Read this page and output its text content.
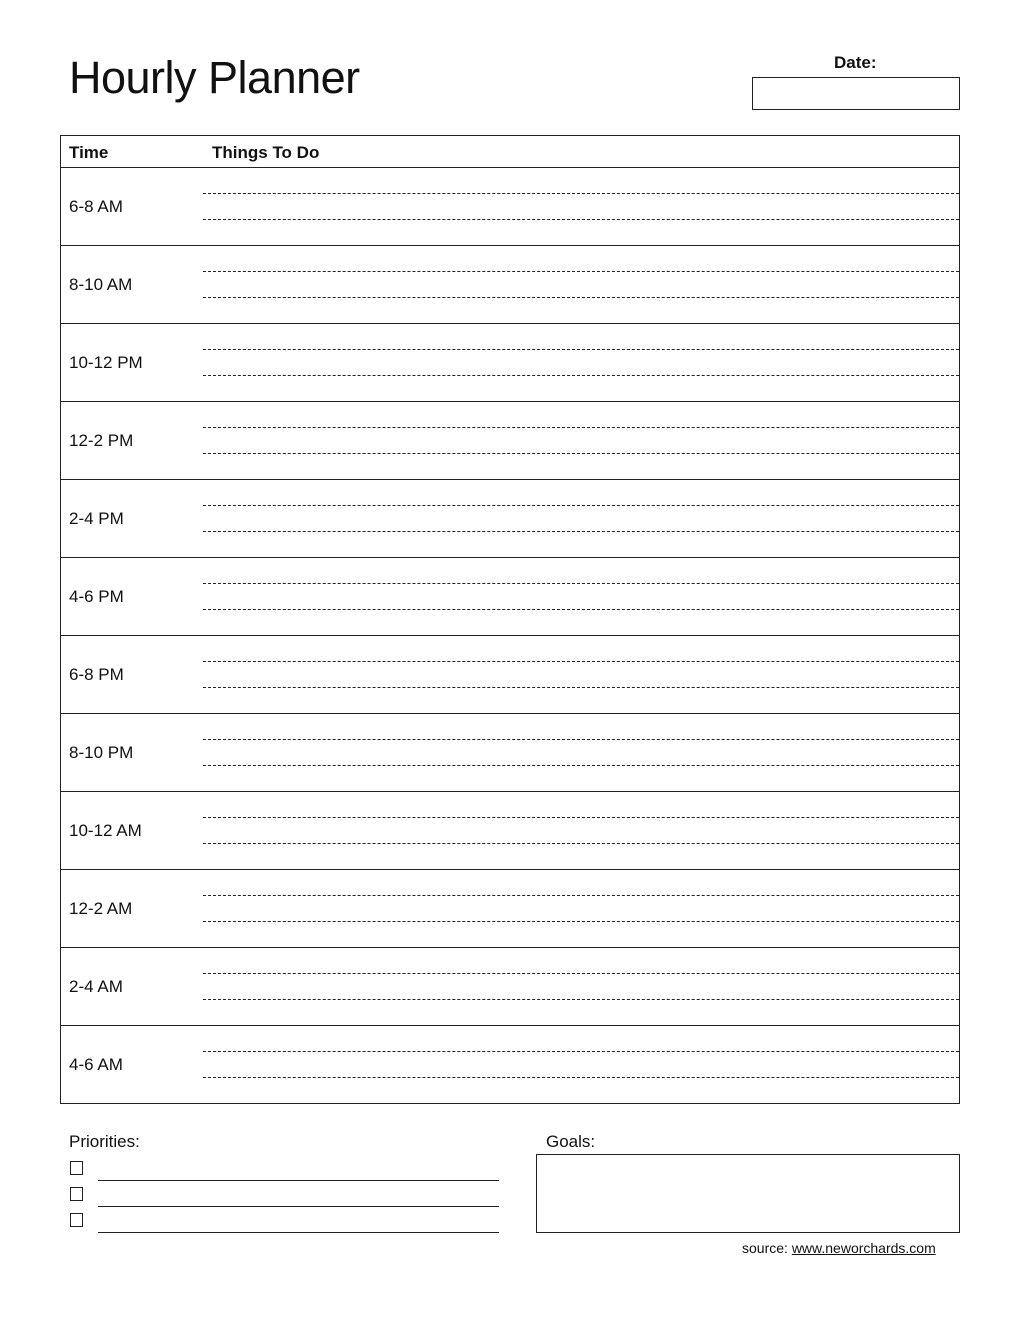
Hourly Planner	Date:
Time	Things To Do
6-8 AM
8-10 AM
10-12 PM
12-2 PM
2-4 PM
4-6 PM
6-8 PM
8-10 PM
10-12 AM
12-2 AM
2-4 AM
4-6 AM
Priorities:	Goals:
source: www.neworchards.com
